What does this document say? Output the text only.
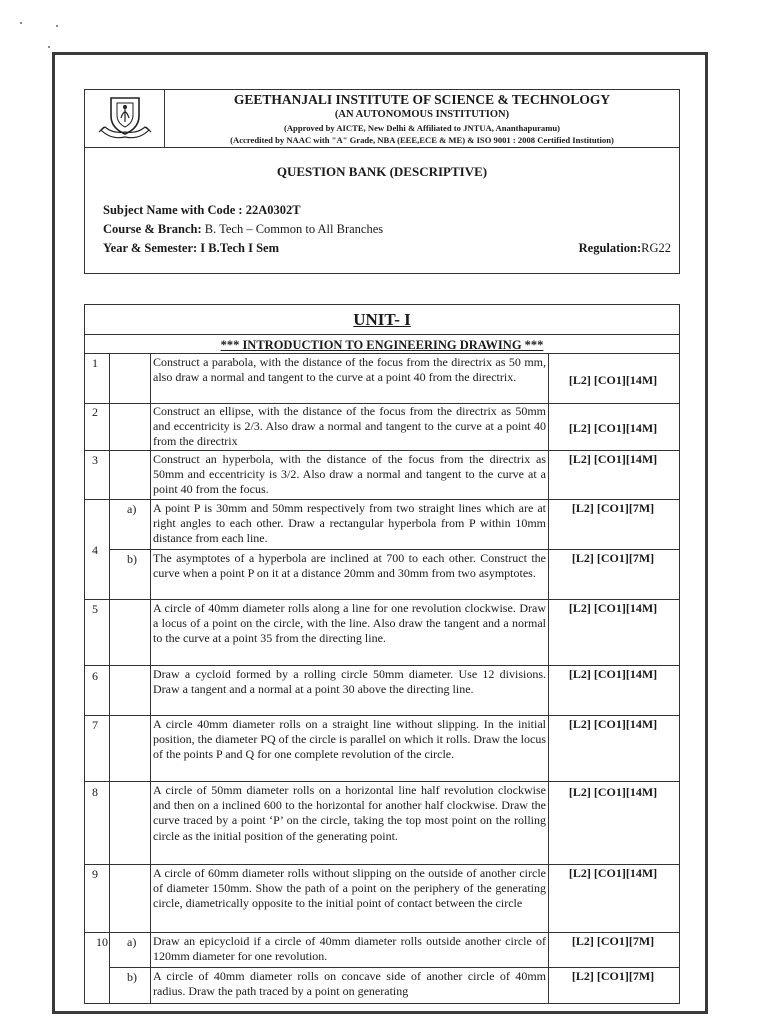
GEETHANJALI INSTITUTE OF SCIENCE & TECHNOLOGY
(AN AUTONOMOUS INSTITUTION)
(Approved by AICTE, New Delhi & Affiliated to JNTUA, Ananthapuramu)
(Accredited by NAAC with "A" Grade, NBA (EEE,ECE & ME) & ISO 9001 : 2008 Certified Institution)
QUESTION BANK (DESCRIPTIVE)
Subject Name with Code : 22A0302T
Course & Branch: B. Tech – Common to All Branches
Year & Semester: I B.Tech I Sem	Regulation:RG22
UNIT- I
*** INTRODUCTION TO ENGINEERING DRAWING ***
1	Construct a parabola, with the distance of the focus from the directrix as 50 mm, also draw a normal and tangent to the curve at a point 40 from the directrix.	[L2] [CO1][14M]
2	Construct an ellipse, with the distance of the focus from the directrix as 50mm and eccentricity is 2/3. Also draw a normal and tangent to the curve at a point 40 from the directrix
[L2] [CO1][14M]
3	Construct an hyperbola, with the distance of the focus from the directrix as 50mm and eccentricity is 3/2. Also draw a normal and tangent to the curve at a point 40 from the focus.
[L2] [CO1][14M]
4
a) A point P is 30mm and 50mm respectively from two straight lines which are at right angles to each other. Draw a rectangular hyperbola from P within 10mm distance from each line.
[L2] [CO1][7M]
b) The asymptotes of a hyperbola are inclined at 700 to each other. Construct the curve when a point P on it at a distance 20mm and 30mm from two asymptotes.
[L2] [CO1][7M]
5	A circle of 40mm diameter rolls along a line for one revolution clockwise. Draw a locus of a point on the circle, with the line. Also draw the tangent and a normal to the curve at a point 35 from the directing line.
[L2] [CO1][14M]
6	Draw a cycloid formed by a rolling circle 50mm diameter. Use 12 divisions. Draw a tangent and a normal at a point 30 above the directing line.
[L2] [CO1][14M]
7	A circle 40mm diameter rolls on a straight line without slipping. In the initial position, the diameter PQ of the circle is parallel on which it rolls. Draw the locus of the points P and Q for one complete revolution of the circle.
[L2] [CO1][14M]
8	A circle of 50mm diameter rolls on a horizontal line half revolution clockwise and then on a inclined 600 to the horizontal for another half clockwise. Draw the curve traced by a point ‘P’ on the circle, taking the top most point on the rolling circle as the initial position of the generating point.
[L2] [CO1][14M]
9	A circle of 60mm diameter rolls without slipping on the outside of another circle of diameter 150mm. Show the path of a point on the periphery of the generating circle, diametrically opposite to the initial point of contact between the circle
[L2] [CO1][14M]
10 a) Draw an epicycloid if a circle of 40mm diameter rolls outside another circle of 120mm diameter for one revolution.
[L2] [CO1][7M]
b) A circle of 40mm diameter rolls on concave side of another circle of 40mm radius. Draw the path traced by a point on generating
[L2] [CO1][7M]
